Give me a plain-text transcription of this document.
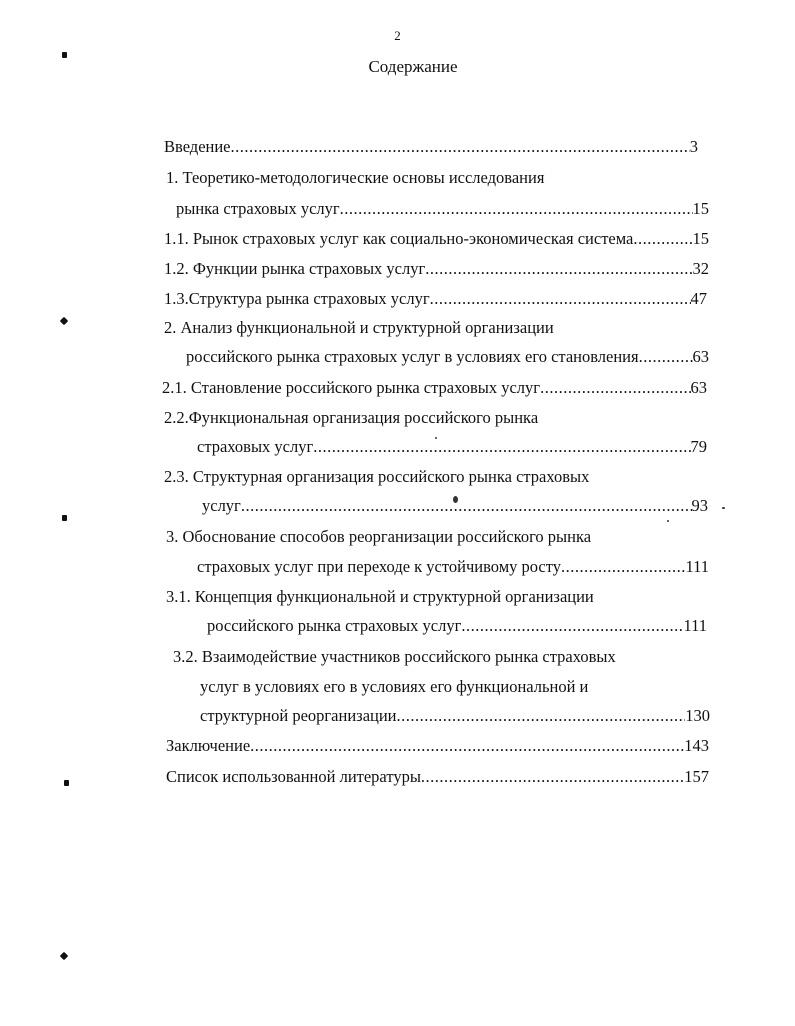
2
Содержание
Введение .....	3
1. Теоретико-методологические основы исследования
рынка страховых услуг .....	15
1.1. Рынок страховых услуг как социально-экономическая система .....	15
1.2. Функции рынка страховых услуг .....	32
1.3.Структура рынка страховых услуг .....	47
2. Анализ функциональной и структурной организации
российского рынка страховых услуг в условиях его становления .....	63
2.1. Становление российского рынка страховых услуг .....	63
2.2.Функциональная организация российского рынка
страховых услуг .....	79
2.3. Структурная организация российского рынка страховых
услуг .....	93
3. Обоснование способов реорганизации российского рынка
страховых услуг при переходе к устойчивому росту .....	111
3.1. Концепция функциональной и структурной организации
российского рынка страховых услуг .....	111
3.2. Взаимодействие участников российского рынка страховых
услуг в условиях его в условиях его функциональной и
структурной реорганизации .....	130
Заключение .....	143
Список использованной литературы .....	157
